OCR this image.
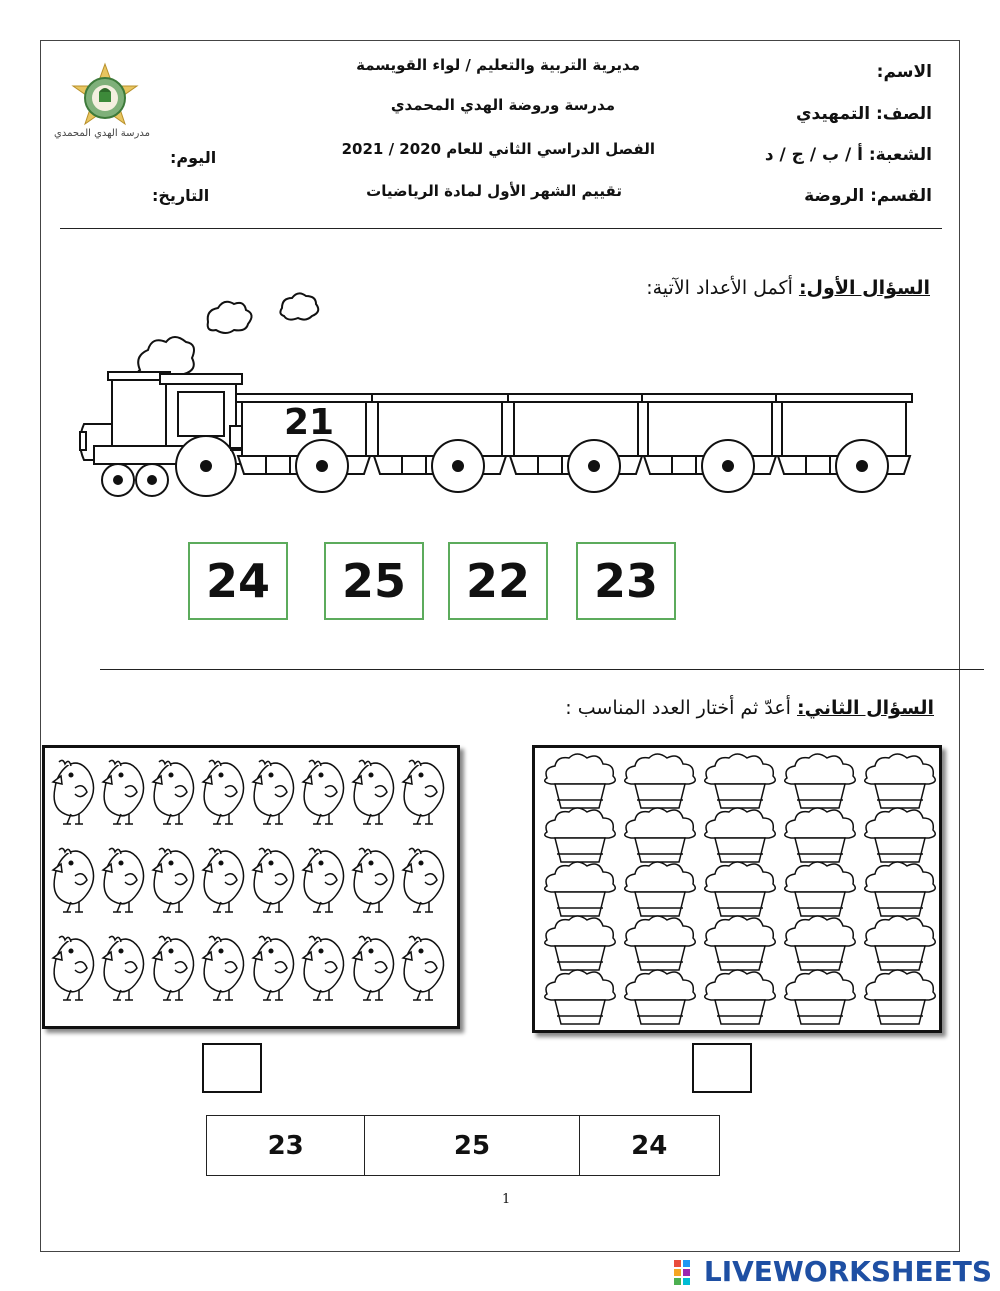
مدرسة الهدي المحمدي
الاسم:
الصف: التمهيدي
الشعبة: أ / ب / ج / د
القسم: الروضة
مديرية التربية والتعليم / لواء القويسمة
مدرسة وروضة الهدي المحمدي
الفصل الدراسي الثاني للعام 2020 / 2021
تقييم الشهر الأول لمادة الرياضيات
اليوم:
التاريخ:
السؤال الأول: أكمل الأعداد الآتية:
21
24	25	22	23
السؤال الثاني: أعدّ ثم أختار العدد المناسب :
23	25	24
1
LIVEWORKSHEETS
